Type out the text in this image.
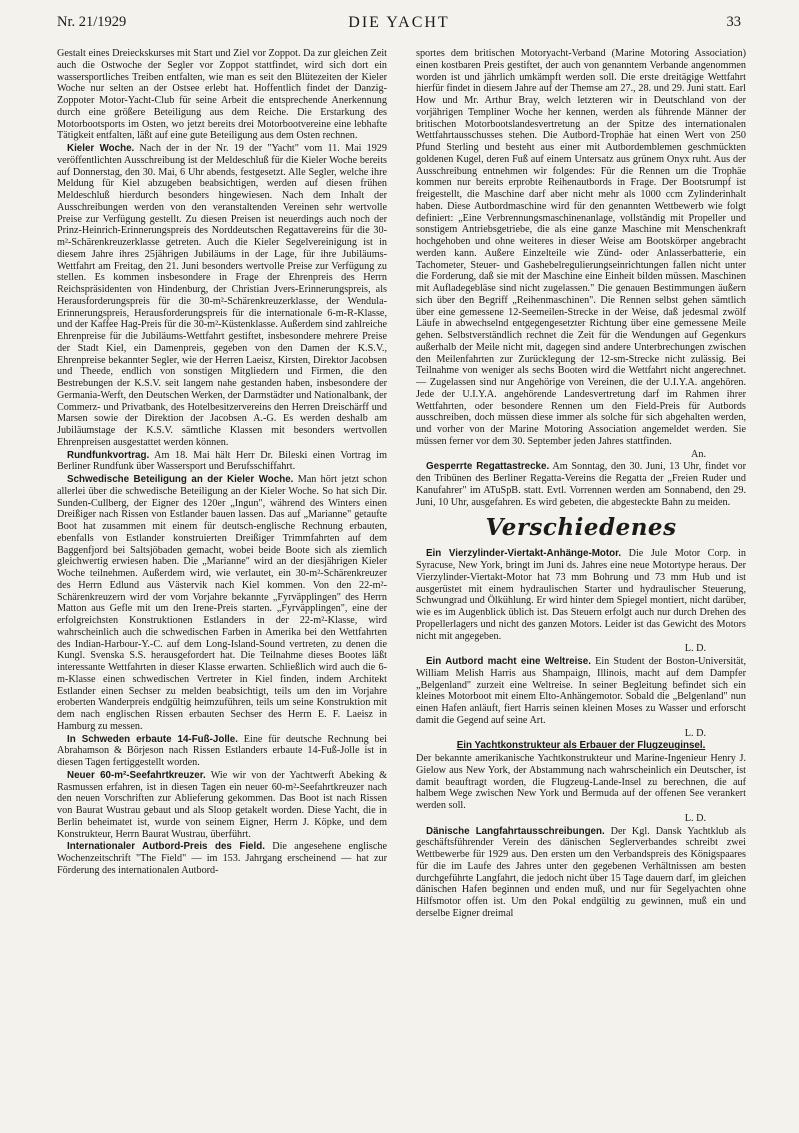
Nr. 21/1929	DIE YACHT	33

Gestalt eines Dreieckskurses mit Start und Ziel vor Zoppot. Da zur gleichen Zeit auch die Ostwoche der Segler vor Zoppot stattfindet, wird sich dort ein wassersportliches Treiben entfalten, wie man es seit den Blütezeiten der Kieler Woche nur selten an der Ostsee erlebt hat. Hoffentlich findet der Danzig-Zoppoter Motor-Yacht-Club für seine Arbeit die entsprechende Anerkennung durch eine größere Beteiligung aus dem Reiche. Die Erstarkung des Motorbootsports im Osten, wo jetzt bereits drei Motorbootvereine eine lebhafte Tätigkeit entfalten, läßt auf eine gute Beteiligung aus dem Osten rechnen.

Kieler Woche. Nach der in der Nr. 19 der "Yacht" vom 11. Mai 1929 veröffentlichten Ausschreibung ist der Meldeschluß für die Kieler Woche bereits auf Donnerstag, den 30. Mai, 6 Uhr abends, festgesetzt. Alle Segler, welche ihre Meldung für Kiel abzugeben beabsichtigen, werden auf diesen frühen Meldeschluß hierdurch besonders hingewiesen. Nach dem Inhalt der Ausschreibungen werden von den veranstaltenden Vereinen sehr wertvolle Preise zur Verfügung gestellt. Zu diesen Preisen ist neuerdings auch noch der Prinz-Heinrich-Erinnerungspreis des Norddeutschen Regattavereins für die 30-m²-Schärenkreuzerklasse getreten. Auch die Kieler Segelvereinigung ist in diesem Jahre ihres 25jährigen Jubiläums in der Lage, für ihre Jubiläums-Wettfahrt am Freitag, den 21. Juni besonders wertvolle Preise zur Verfügung zu stellen. Es kommen insbesondere in Frage der Ehrenpreis des Herrn Reichspräsidenten von Hindenburg, der Christian Jvers-Erinnerungspreis, als Herausforderungspreis für die 30-m²-Schärenkreuzerklasse, der Wendula-Erinnerungspreis, Herausforderungspreis für die internationale 6-m-R-Klasse, und der Kaffee Hag-Preis für die 30-m²-Küstenklasse. Außerdem sind zahlreiche Ehrenpreise für die Jubiläums-Wettfahrt gestiftet, insbesondere mehrere Preise der Stadt Kiel, ein Damenpreis, gegeben von den Damen der K.S.V., Ehrenpreise bekannter Segler, wie der Herren Laeisz, Kirsten, Direktor Jacobsen und Theede, endlich von sonstigen Mitgliedern und Firmen, die den Bestrebungen der K.S.V. seit langem nahe gestanden haben, insbesondere der Germania-Werft, den Deutschen Werken, der Darmstädter und Nationalbank, der Commerz- und Privatbank, des Hotelbesitzervereins den Herren Dreischärff und Marsen sowie der Direktion der Jacobsen A.-G. Es werden deshalb am Jubiläumstage der K.S.V. sämtliche Klassen mit besonders wertvollen Ehrenpreisen ausgestattet werden können.

Rundfunkvortrag. Am 18. Mai hält Herr Dr. Bileski einen Vortrag im Berliner Rundfunk über Wassersport und Berufsschiffahrt.

Schwedische Beteiligung an der Kieler Woche. Man hört jetzt schon allerlei über die schwedische Beteiligung an der Kieler Woche. So hat sich Dir. Sunden-Cullberg, der Eigner des 120er „Ingun", während des Winters einen Dreißiger nach Rissen von Estlander bauen lassen. Das auf „Marianne" getaufte Boot hat zusammen mit einem für deutsch-englische Rechnung erbauten, ebenfalls von Estlander konstruierten Dreißiger Trimmfahrten auf dem Baggenfjord bei Saltsjöbaden gemacht, wobei beide Boote sich als ziemlich gleichwertig erwiesen haben. Die „Marianne" wird an der diesjährigen Kieler Woche teilnehmen. Außerdem wird, wie verlautet, ein 30-m²-Schärenkreuzer des Herrn Edlund aus Västervik nach Kiel kommen. Von den 22-m²-Schärenkreuzern wird der vom Vorjahre bekannte „Fyrväpplingen" des Herrn Matton aus Gefle mit um den Irene-Preis starten. „Fyrväpplingen", eine der erfolgreichsten Konstruktionen Estlanders in der 22-m²-Klasse, wird wahrscheinlich auch die schwedischen Farben in Amerika bei den Wettfahrten des Indian-Harbour-Y.-C. auf dem Long-Island-Sound vertreten, zu denen die Kungl. Svenska S.S. herausgefordert hat. Die Teilnahme dieses Bootes läßt interessante Wettfahrten in dieser Klasse erwarten. Schließlich wird auch die 6-m-Klasse einen schwedischen Vertreter in Kiel finden, indem Architekt Estlander einen Sechser zu melden beabsichtigt, teils um den im Vorjahre eroberten Wanderpreis endgültig heimzuführen, teils um seine Konstruktion mit dem nach englischen Rissen erbauten Sechser des Herrn E. F. Laeisz in Hamburg zu messen.

In Schweden erbaute 14-Fuß-Jolle. Eine für deutsche Rechnung bei Abrahamson & Börjeson nach Rissen Estlanders erbaute 14-Fuß-Jolle ist in diesen Tagen fertiggestellt worden.

Neuer 60-m²-Seefahrtkreuzer. Wie wir von der Yachtwerft Abeking & Rasmussen erfahren, ist in diesen Tagen ein neuer 60-m²-Seefahrtkreuzer nach den neuen Vorschriften zur Ablieferung gekommen. Das Boot ist nach Rissen von Baurat Wustrau gebaut und als Sloop getakelt worden. Diese Yacht, die in Berlin beheimatet ist, wurde von seinem Eigner, Herrn J. Köpke, und dem Konstrukteur, Herrn Baurat Wustrau, überführt.

Internationaler Autbord-Preis des Field. Die angesehene englische Wochenzeitschrift "The Field" — im 153. Jahrgang erscheinend — hat zur Förderung des internationalen Autbord-

sportes dem britischen Motoryacht-Verband (Marine Motoring Association) einen kostbaren Preis gestiftet, der auch von genanntem Verbande angenommen worden ist und jährlich umkämpft werden soll. Die erste dreitägige Wettfahrt hierfür findet in diesem Jahre auf der Themse am 27., 28. und 29. Juni statt. Earl How und Mr. Arthur Bray, welch letzteren wir in Deutschland von der vorjährigen Templiner Woche her kennen, werden als führende Männer der britischen Motorbootslandesvertretung an der Spitze des internationalen Wettfahrtausschusses stehen. Die Autbord-Trophäe hat einen Wert von 250 Pfund Sterling und besteht aus einer mit Autbordemblemen geschmückten goldenen Kugel, deren Fuß auf einem Untersatz aus grünem Onyx ruht. Aus der Ausschreibung entnehmen wir folgendes: Für die Rennen um die Trophäe kommen nur bereits erprobte Reihenautbords in Frage. Der Bootsrumpf ist freigestellt, die Maschine darf aber nicht mehr als 1000 ccm Zylinderinhalt haben. Diese Autbordmaschine wird für den genannten Wettbewerb wie folgt definiert: „Eine Verbrennungsmaschinenanlage, vollständig mit Propeller und sonstigem Antriebsgetriebe, die als eine ganze Maschine mit Menschenkraft hochgehoben und ohne weiteres in dieser Weise am Bootskörper angebracht werden kann. Außere Einzelteile wie Zünd- oder Anlasserbatterie, ein Tachometer, Steuer- und Gashebelregulierungseinrichtungen fallen nicht unter die Forderung, daß sie mit der Maschine eine Einheit bilden müssen. Maschinen mit Aufladegebläse sind nicht zugelassen." Die genauen Bestimmungen äußern sich über den Begriff „Reihenmaschinen". Die Rennen selbst gehen sämtlich über eine gemessene 12-Seemeilen-Strecke in der Weise, daß jedesmal zwölf Läufe in abwechselnd entgegengesetzter Richtung über eine gemessene Meile gehen. Selbstverständlich rechnet die Zeit für die Wendungen auf Gegenkurs außerhalb der Meile nicht mit, dagegen sind andere Unterbrechungen zwischen den Meilenfahrten zur Zurücklegung der 12-sm-Strecke nicht zulässig. Bei Teilnahme von weniger als sechs Booten wird die Wettfahrt nicht angerechnet. — Zugelassen sind nur Angehörige von Vereinen, die der U.I.Y.A. angehören. Jede der U.I.Y.A. angehörende Landesvertretung darf im Rahmen ihrer Wettfahrten, oder besondere Rennen um den Field-Preis für Autbords ausschreiben, doch müssen diese immer als solche für sich abgehalten werden, und vorher von der Marine Motoring Association angemeldet werden. Sie müssen ferner vor dem 30. September jeden Jahres stattfinden.

An.

Gesperrte Regattastrecke. Am Sonntag, den 30. Juni, 13 Uhr, findet vor den Tribünen des Berliner Regatta-Vereins die Regatta der „Freien Ruder und Kanufahrer" im ATuSpB. statt. Evtl. Vorrennen werden am Sonnabend, den 29. Juni, 10 Uhr, ausgefahren. Es wird gebeten, die abgesteckte Bahn zu meiden.

Verschiedenes

Ein Vierzylinder-Viertakt-Anhänge-Motor. Die Jule Motor Corp. in Syracuse, New York, bringt im Juni ds. Jahres eine neue Motortype heraus. Der Vierzylinder-Viertakt-Motor hat 73 mm Bohrung und 73 mm Hub und ist ausgerüstet mit einem hydraulischen Starter und hydraulischer Steuerung, Schwungrad und Ölkühlung. Er wird hinter dem Spiegel montiert, nicht darüber, wie es im Augenblick üblich ist. Das Steuern erfolgt auch nur durch Drehen des Propellerlagers und nicht des ganzen Motors. Leider ist das Gewicht des Motors nicht mit angegeben.

L. D.

Ein Autbord macht eine Weltreise. Ein Student der Boston-Universität, William Melish Harris aus Shampaign, Illinois, macht auf dem Dampfer „Belgenland" zurzeit eine Weltreise. In seiner Begleitung befindet sich ein kleines Motorboot mit einem Elto-Anhängemotor. Sobald die „Belgenland" nun einen Hafen anläuft, fiert Harris seinen kleinen Moses zu Wasser und erforscht damit die Gegend auf seine Art.

L. D.

Ein Yachtkonstrukteur als Erbauer der Flugzeuginsel.

Der bekannte amerikanische Yachtkonstrukteur und Marine-Ingenieur Henry J. Gielow aus New York, der Abstammung nach wahrscheinlich ein Deutscher, ist damit beauftragt worden, die Flugzeug-Lande-Insel zu berechnen, die auf halbem Wege zwischen New York und Bermuda auf der offenen See verankert werden soll.

L. D.

Dänische Langfahrtausschreibungen. Der Kgl. Dansk Yachtklub als geschäftsführender Verein des dänischen Seglerverbandes schreibt zwei Wettbewerbe für 1929 aus. Den ersten um den Verbandspreis des Königspaares für die im Laufe des Jahres unter den gegebenen Verhältnissen am besten durchgeführte Langfahrt, die jedoch nicht über 15 Tage dauern darf, im gleichen dänischen Hafen beginnen und enden muß, und nur für Segelyachten ohne Hilfsmotor offen ist. Um den Pokal endgültig zu gewinnen, muß ein und derselbe Eigner dreimal
